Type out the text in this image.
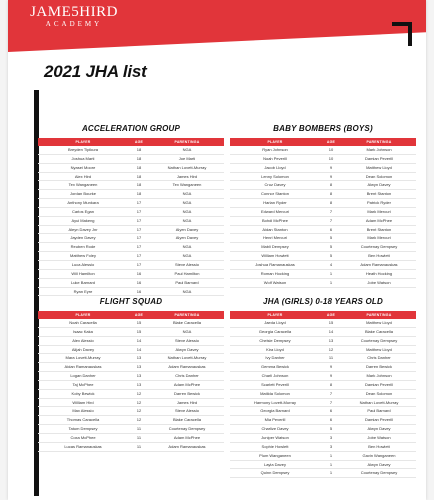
JAME5HIRD
ACADEMY
2021 JHA list
ACCELERATION GROUP
PLAYER	AGE	PARENT/NGA
Breyden Tipikura	18	NGA
Joshua Marti	18	Joe Marti
Nyasei Moore	18	Nathan Lovett-Murray
Alex Hird	18	James Hird
Tex Wanganeen	18	Tex Wanganeen
Jordan Bourke	18	NGA
Anthony Munkara	17	NGA
Carlos Egan	17	NGA
Ayui Makeng	17	NGA
Aleyn Davey Jnr	17	Alyen Davey
Jayden Davey	17	Alyen Davey
Reuben Rode	17	NGA
Matthew Foley	17	NGA
Luca Alessio	17	Steve Alessio
Will Hamilton	16	Paul Hamilton
Luke Barnard	16	Paul Barnard
Ryan Eyre	16	NGA
BABY BOMBERS (BOYS)
PLAYER	AGE	PARENT/NGA
Ryan Johnson	10	Mark Johnson
Noah Peverill	10	Damian Peverill
Jacob Lloyd	9	Matthew Lloyd
Lenny Solomon	9	Dean Solomon
Cruz Davey	8	Alwyn Davey
Connor Stanton	8	Brent Stanton
Harlan Ryder	8	Patrick Ryder
Edward Mercuri	7	Mark Mercuri
Bohdi McPhee	7	Adam McPhee
Aidan Stanton	6	Brent Stanton
Henri Mercuri	5	Mark Mercuri
Mabli Dempsey	5	Courtenay Dempsey
William Howlett	5	Ben Howlett
Joshua Ramanauskas	4	Adam Ramanauskas
Roman Hocking	1	Heath Hocking
Wolf Watson	1	Jobe Watson
FLIGHT SQUAD
PLAYER	AGE	PARENT/NGA
Noah Caracella	15	Blake Caracella
Isaac Kaka	15	NGA
Alex Alessio	14	Steve Alessio
Alijah Davey	14	Alwyn Davey
Mara Lovett-Murray	13	Nathan Lovett-Murray
Aidan Ramanauskas	13	Adam Ramanauskas
Logan Danher	13	Chris Danher
Taj McPhee	13	Adam McPhee
Koby Bewick	12	Darren Bewick
William Hird	12	James Hird
Max Alessio	12	Steve Alessio
Thomas Caracella	12	Blake Caracella
Tatum Dempsey	11	Courtenay Dempsey
Coxa McPhee	11	Adam McPhee
Lucas Ramanauskas	11	Adam Ramanauskas
JHA (GIRLS) 0-18 YEARS OLD
PLAYER	AGE	PARENT/NGA
Jaeda Lloyd	15	Matthew Lloyd
Georgia Caracella	14	Blake Caracella
Chelsie Dempsey	13	Courtenay Dempsey
Kira Lloyd	12	Matthew Lloyd
Ivy Danher	11	Chris Danher
Gemma Bewick	9	Darren Bewick
Charli Johnson	9	Mark Johnson
Scarlett Peverill	8	Damian Peverill
Matilda Solomon	7	Dean Solomon
Harmony Lovett-Murray	7	Nathan Lovett-Murray
Georgia Barnard	6	Paul Barnard
Mia Peverill	6	Damian Peverill
Charlize Davey	5	Alwyn Davey
Juniper Watson	3	Jobe Watson
Sophie Howlett	3	Ben Howlett
Plum Wanganeen	1	Gavin Wanganeen
Layla Davey	1	Alwyn Davey
Quinn Dempsey	1	Courtenay Dempsey
